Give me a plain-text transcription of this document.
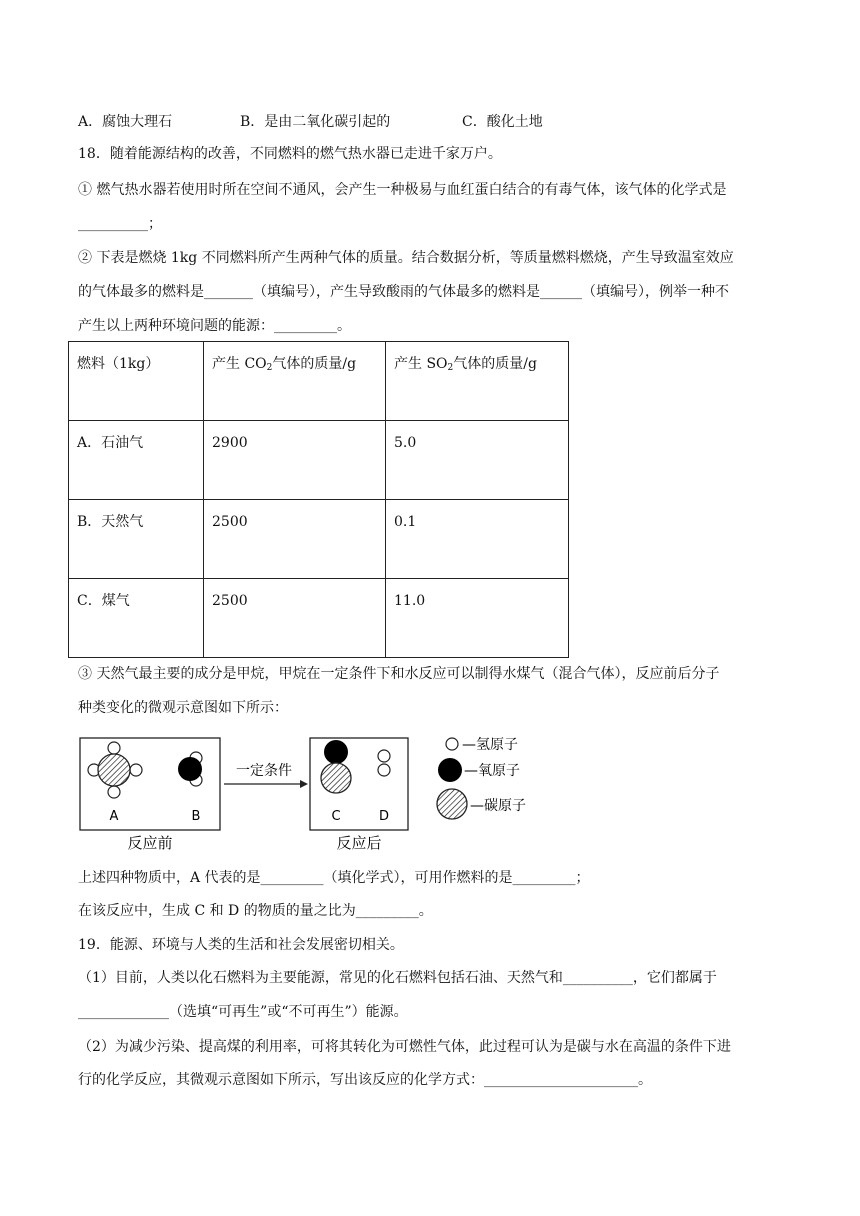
A．腐蚀大理石	B．是由二氧化碳引起的	C．酸化土地
18．随着能源结构的改善，不同燃料的燃气热水器已走进千家万户。
① 燃气热水器若使用时所在空间不通风，会产生一种极易与血红蛋白结合的有毒气体，该气体的化学式是
__________；
② 下表是燃烧 1kg 不同燃料所产生两种气体的质量。结合数据分析，等质量燃料燃烧，产生导致温室效应
的气体最多的燃料是_______（填编号），产生导致酸雨的气体最多的燃料是______（填编号），例举一种不
产生以上两种环境问题的能源：_________。
燃料（1kg）	产生 $CO_2$气体的质量/g	产生 $SO_2$气体的质量/g
A．石油气	2900	5.0
B．天然气	2500	0.1
C．煤气	2500	11.0
③ 天然气最主要的成分是甲烷，甲烷在一定条件下和水反应可以制得水煤气（混合气体），反应前后分子
种类变化的微观示意图如下所示：
A	B
反应前
一定条件
C	D
反应后
—氢原子
—氧原子
—碳原子
上述四种物质中，A 代表的是_________（填化学式），可用作燃料的是_________；
在该反应中，生成 C 和 D 的物质的量之比为_________。
19．能源、环境与人类的生活和社会发展密切相关。
（1）目前，人类以化石燃料为主要能源，常见的化石燃料包括石油、天然气和__________，它们都属于
_____________（选填“可再生”或“不可再生”）能源。
（2）为减少污染、提高煤的利用率，可将其转化为可燃性气体，此过程可认为是碳与水在高温的条件下进
行的化学反应，其微观示意图如下所示，写出该反应的化学方式：______________________。
